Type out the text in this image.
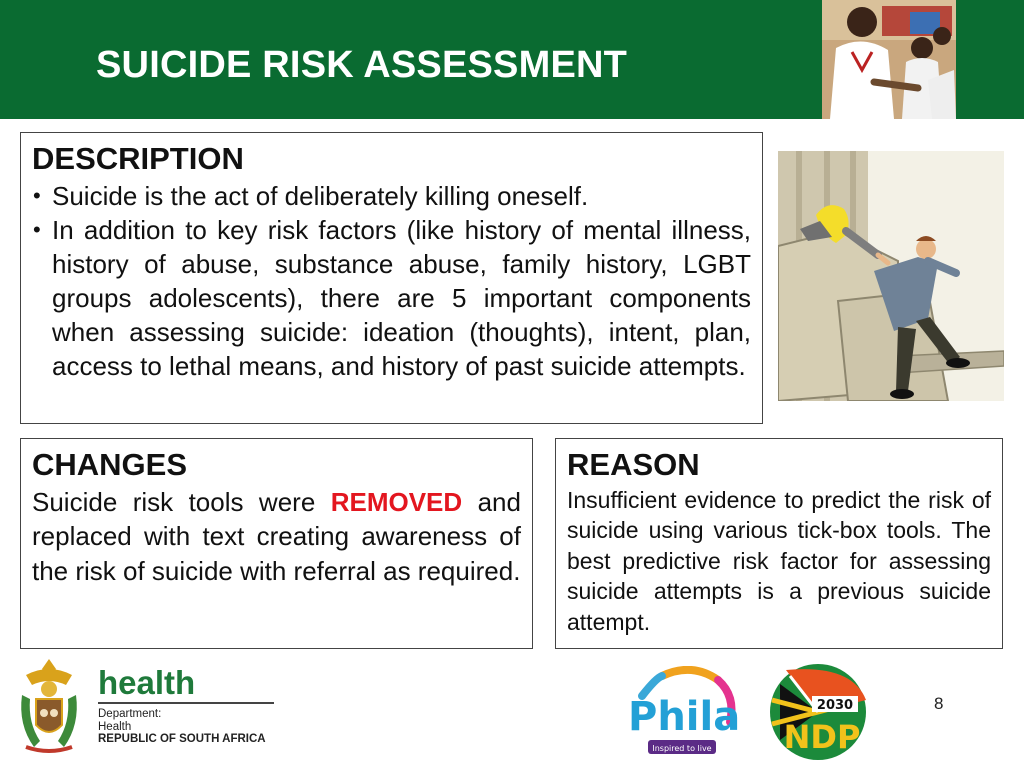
SUICIDE RISK ASSESSMENT
DESCRIPTION
• Suicide is the act of deliberately killing oneself.
• In addition to key risk factors (like history of mental illness, history of abuse, substance abuse, family history, LGBT groups adolescents), there are 5 important components when assessing suicide: ideation (thoughts), intent, plan, access to lethal means, and history of past suicide attempts.
CHANGES

Suicide risk tools were REMOVED and replaced with text creating awareness of the risk of suicide with referral as required.

REASON

Insufficient evidence to predict the risk of suicide using various tick-box tools. The best predictive risk factor for assessing suicide attempts is a previous suicide attempt.

health
Department:
Health
REPUBLIC OF SOUTH AFRICA	Phila
Inspired to live
2030
NDP
8
